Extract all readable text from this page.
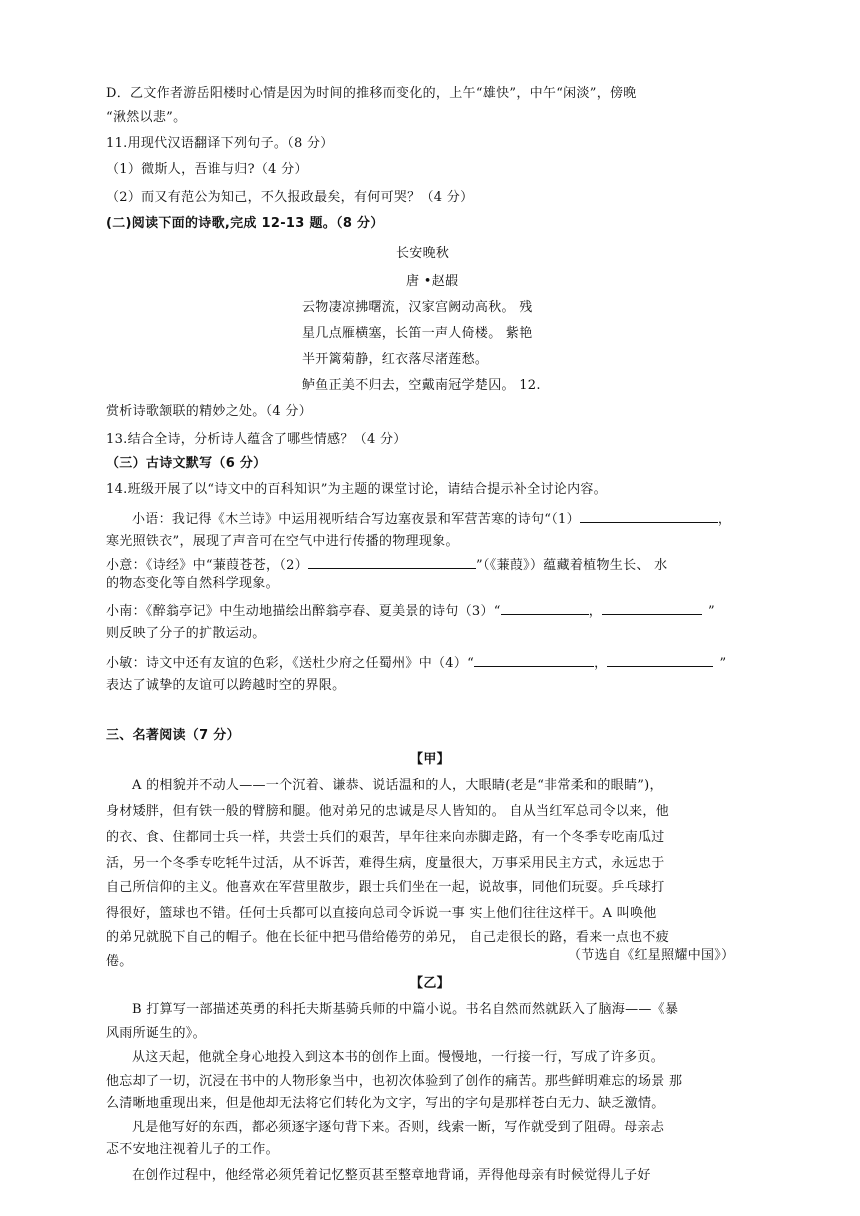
D．乙文作者游岳阳楼时心情是因为时间的推移而变化的，上午“雄快”，中午“闲淡”，傍晚
“湫然以悲”。
11.用现代汉语翻译下列句子。（8 分）
（1）微斯人，吾谁与归?（4 分）
（2）而又有范公为知己，不久报政最矣，有何可哭？（4 分）
(二)阅读下面的诗歌,完成 12-13 题。（8 分）
长安晚秋
唐 •赵嘏
云物凄凉拂曙流，汉家宫阙动高秋。 残
星几点雁横塞，长笛一声人倚楼。 紫艳
半开篱菊静，红衣落尽渚莲愁。
鲈鱼正美不归去，空戴南冠学楚囚。 12.
赏析诗歌颔联的精妙之处。（4 分）
13.结合全诗，分析诗人蕴含了哪些情感？（4 分）
（三）古诗文默写（6 分）
14.班级开展了以“诗文中的百科知识”为主题的课堂讨论，请结合提示补全讨论内容。
小语：我记得《木兰诗》中运用视听结合写边塞夜景和军营苦寒的诗句“（1）	，
寒光照铁衣”，展现了声音可在空气中进行传播的物理现象。
小意：《诗经》中“蒹葭苍苍，（2）	”（《蒹葭》）蕴藏着植物生长、 水
的物态变化等自然科学现象。
小南：《醉翁亭记》中生动地描绘出醉翁亭春、夏美景的诗句（3）“	，	”
则反映了分子的扩散运动。
小敏：诗文中还有友谊的色彩，《送杜少府之任蜀州》中（4）“	，	”
表达了诚挚的友谊可以跨越时空的界限。
三、名著阅读（7 分）
【甲】
A 的相貌并不动人——一个沉着、谦恭、说话温和的人，大眼睛(老是“非常柔和的眼睛”)，
身材矮胖，但有铁一般的臂膀和腿。他对弟兄的忠诚是尽人皆知的。 自从当红军总司令以来，他
的衣、食、住都同士兵一样，共尝士兵们的艰苦，早年往来向赤脚走路，有一个冬季专吃南瓜过
活，另一个冬季专吃牦牛过活，从不诉苦，难得生病，度量很大，万事采用民主方式，永远忠于
自己所信仰的主义。他喜欢在军营里散步，跟士兵们坐在一起，说故事，同他们玩耍。乒乓球打
得很好，篮球也不错。任何士兵都可以直接向总司令诉说一事 实上他们往往这样干。A 叫唤他
的弟兄就脱下自己的帽子。他在长征中把马借给倦劳的弟兄， 自己走很长的路，看来一点也不疲
倦。	（节选自《红星照耀中国》）
【乙】
B 打算写一部描述英勇的科托夫斯基骑兵师的中篇小说。书名自然而然就跃入了脑海——《暴
风雨所诞生的》。
从这天起，他就全身心地投入到这本书的创作上面。慢慢地，一行接一行，写成了许多页。
他忘却了一切，沉浸在书中的人物形象当中，也初次体验到了创作的痛苦。那些鲜明难忘的场景 那
么清晰地重现出来，但是他却无法将它们转化为文字，写出的字句是那样苍白无力、缺乏激情。
凡是他写好的东西，都必须逐字逐句背下来。否则，线索一断，写作就受到了阻碍。母亲忐
忑不安地注视着儿子的工作。
在创作过程中，他经常必须凭着记忆整页甚至整章地背诵，弄得他母亲有时候觉得儿子好
